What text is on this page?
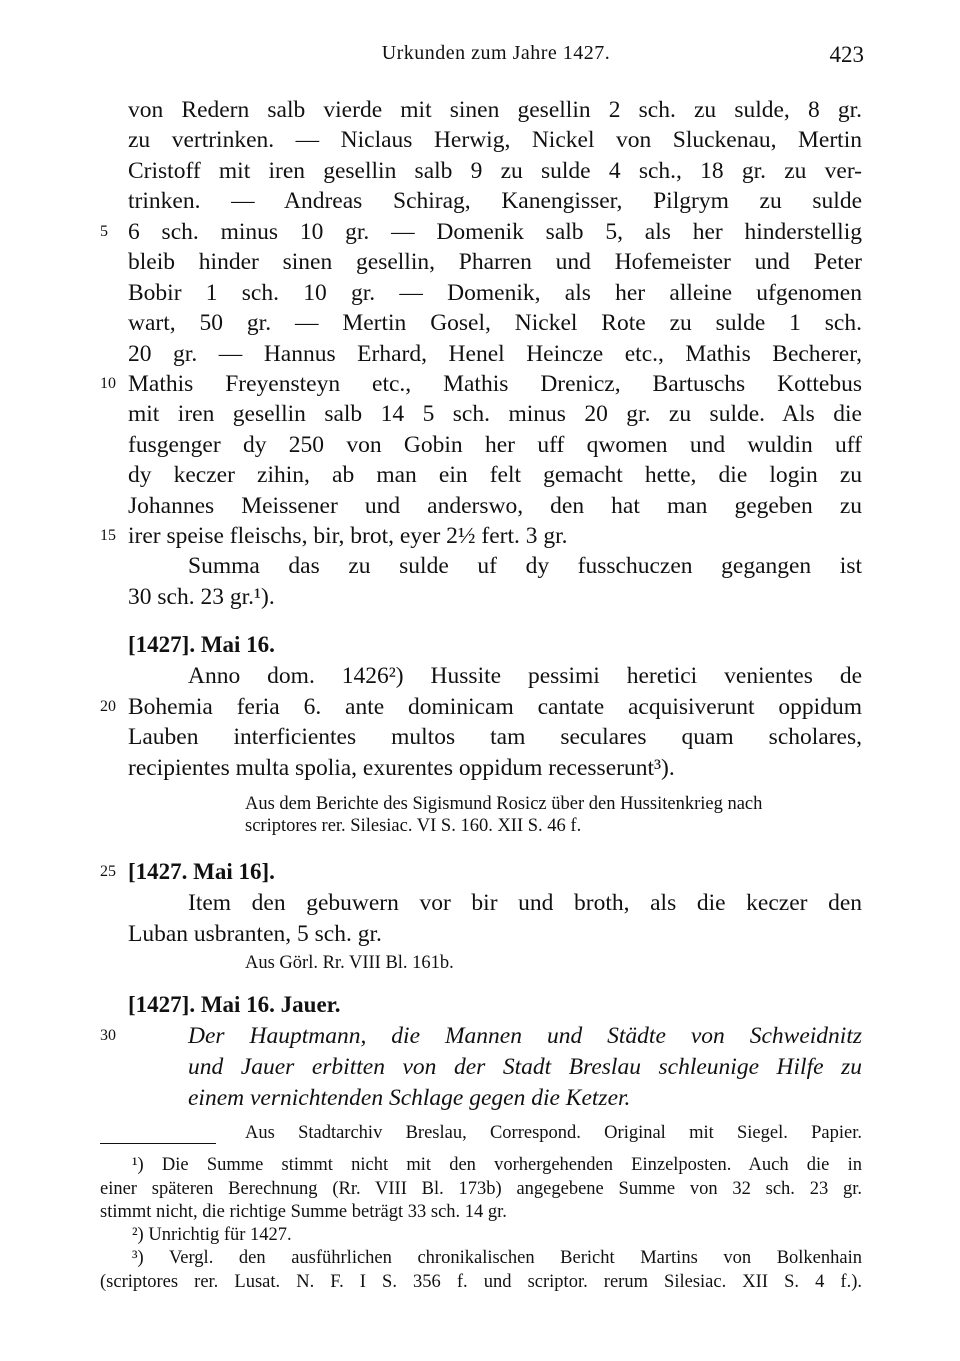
Urkunden zum Jahre 1427.	423
5
10
15
20
25
30
von Redern salb vierde mit sinen gesellin 2 sch. zu sulde, 8 gr.
zu vertrinken. — Niclaus Herwig, Nickel von Sluckenau, Mertin
Cristoff mit iren gesellin salb 9 zu sulde 4 sch., 18 gr. zu ver-
trinken. — Andreas Schirag, Kanengisser, Pilgrym zu sulde
6 sch. minus 10 gr. — Domenik salb 5, als her hinderstellig
bleib hinder sinen gesellin, Pharren und Hofemeister und Peter
Bobir 1 sch. 10 gr. — Domenik, als her alleine ufgenomen
wart, 50 gr. — Mertin Gosel, Nickel Rote zu sulde 1 sch.
20 gr. — Hannus Erhard, Henel Heincze etc., Mathis Becherer,
Mathis Freyensteyn etc., Mathis Drenicz, Bartuschs Kottebus
mit iren gesellin salb 14 5 sch. minus 20 gr. zu sulde. Als die
fusgenger dy 250 von Gobin her uff qwomen und wuldin uff
dy keczer zihin, ab man ein felt gemacht hette, die login zu
Johannes Meissener und anderswo, den hat man gegeben zu
irer speise fleischs, bir, brot, eyer 2½ fert. 3 gr.
Summa das zu sulde uf dy fusschuczen gegangen ist
30 sch. 23 gr.¹).
[1427]. Mai 16.
Anno dom. 1426²) Hussite pessimi heretici venientes de
Bohemia feria 6. ante dominicam cantate acquisiverunt oppidum
Lauben interficientes multos tam seculares quam scholares,
recipientes multa spolia, exurentes oppidum recesserunt³).
Aus dem Berichte des Sigismund Rosicz über den Hussitenkrieg nach
scriptores rer. Silesiac. VI S. 160. XII S. 46 f.
[1427. Mai 16].
Item den gebuwern vor bir und broth, als die keczer den
Luban usbranten, 5 sch. gr.
Aus Görl. Rr. VIII Bl. 161b.
[1427]. Mai 16. Jauer.
Der Hauptmann, die Mannen und Städte von Schweidnitz
und Jauer erbitten von der Stadt Breslau schleunige Hilfe zu
einem vernichtenden Schlage gegen die Ketzer.
Aus Stadtarchiv Breslau, Correspond. Original mit Siegel. Papier.
¹) Die Summe stimmt nicht mit den vorhergehenden Einzelposten. Auch die in
einer späteren Berechnung (Rr. VIII Bl. 173b) angegebene Summe von 32 sch. 23 gr.
stimmt nicht, die richtige Summe beträgt 33 sch. 14 gr.
²) Unrichtig für 1427.
³) Vergl. den ausführlichen chronikalischen Bericht Martins von Bolkenhain
(scriptores rer. Lusat. N. F. I S. 356 f. und scriptor. rerum Silesiac. XII S. 4 f.).
